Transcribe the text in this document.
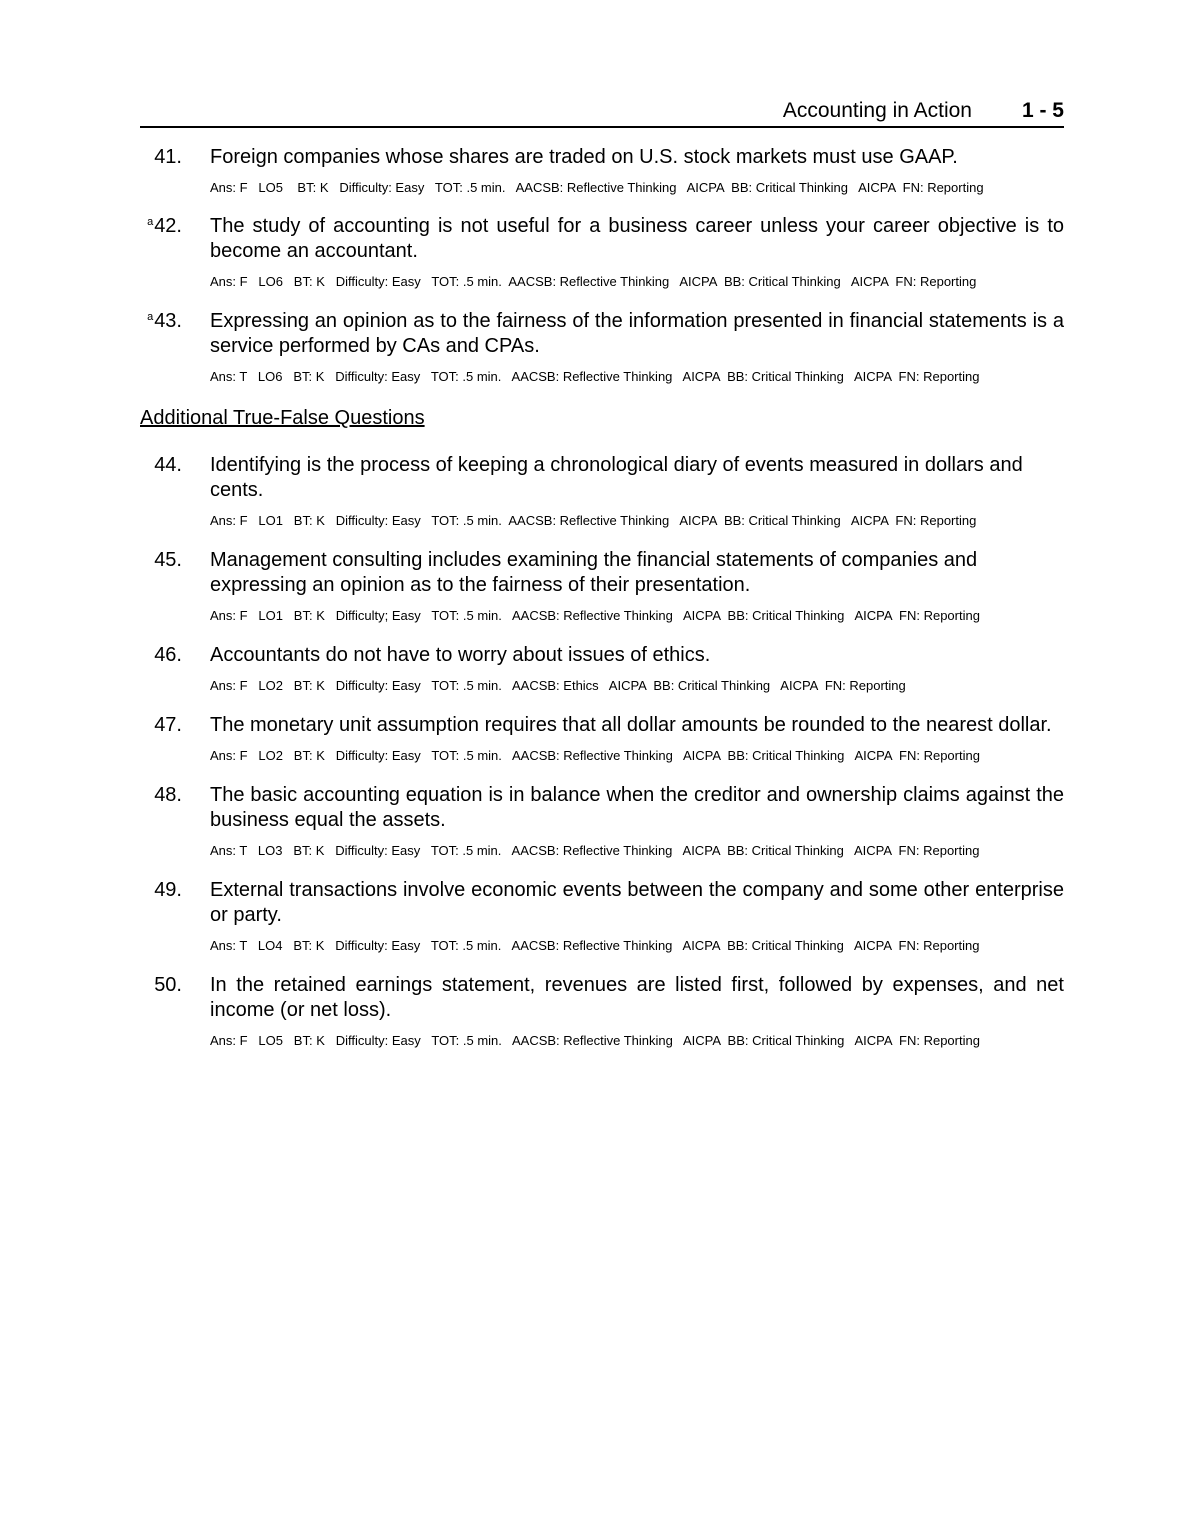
Accounting in Action 1 - 5
41. Foreign companies whose shares are traded on U.S. stock markets must use GAAP.
Ans: F   LO5    BT: K   Difficulty: Easy   TOT: .5 min.   AACSB: Reflective Thinking   AICPA  BB: Critical Thinking   AICPA  FN: Reporting
$^a$42. The study of accounting is not useful for a business career unless your career objective is to become an accountant.
Ans: F   LO6   BT: K   Difficulty: Easy   TOT: .5 min.  AACSB: Reflective Thinking   AICPA  BB: Critical Thinking   AICPA  FN: Reporting
$^a$43. Expressing an opinion as to the fairness of the information presented in financial statements is a service performed by CAs and CPAs.
Ans: T   LO6   BT: K   Difficulty: Easy   TOT: .5 min.   AACSB: Reflective Thinking   AICPA  BB: Critical Thinking   AICPA  FN: Reporting
Additional True-False Questions
44. Identifying is the process of keeping a chronological diary of events measured in dollars and cents.
Ans: F   LO1   BT: K   Difficulty: Easy   TOT: .5 min.  AACSB: Reflective Thinking   AICPA  BB: Critical Thinking   AICPA  FN: Reporting
45. Management consulting includes examining the financial statements of companies and expressing an opinion as to the fairness of their presentation.
Ans: F   LO1   BT: K   Difficulty; Easy   TOT: .5 min.   AACSB: Reflective Thinking   AICPA  BB: Critical Thinking   AICPA  FN: Reporting
46. Accountants do not have to worry about issues of ethics.
Ans: F   LO2   BT: K   Difficulty: Easy   TOT: .5 min.   AACSB: Ethics   AICPA  BB: Critical Thinking   AICPA  FN: Reporting
47. The monetary unit assumption requires that all dollar amounts be rounded to the nearest dollar.
Ans: F   LO2   BT: K   Difficulty: Easy   TOT: .5 min.   AACSB: Reflective Thinking   AICPA  BB: Critical Thinking   AICPA  FN: Reporting
48. The basic accounting equation is in balance when the creditor and ownership claims against the business equal the assets.
Ans: T   LO3   BT: K   Difficulty: Easy   TOT: .5 min.   AACSB: Reflective Thinking   AICPA  BB: Critical Thinking   AICPA  FN: Reporting
49. External transactions involve economic events between the company and some other enterprise or party.
Ans: T   LO4   BT: K   Difficulty: Easy   TOT: .5 min.   AACSB: Reflective Thinking   AICPA  BB: Critical Thinking   AICPA  FN: Reporting
50. In the retained earnings statement, revenues are listed first, followed by expenses, and net income (or net loss).
Ans: F   LO5   BT: K   Difficulty: Easy   TOT: .5 min.   AACSB: Reflective Thinking   AICPA  BB: Critical Thinking   AICPA  FN: Reporting
